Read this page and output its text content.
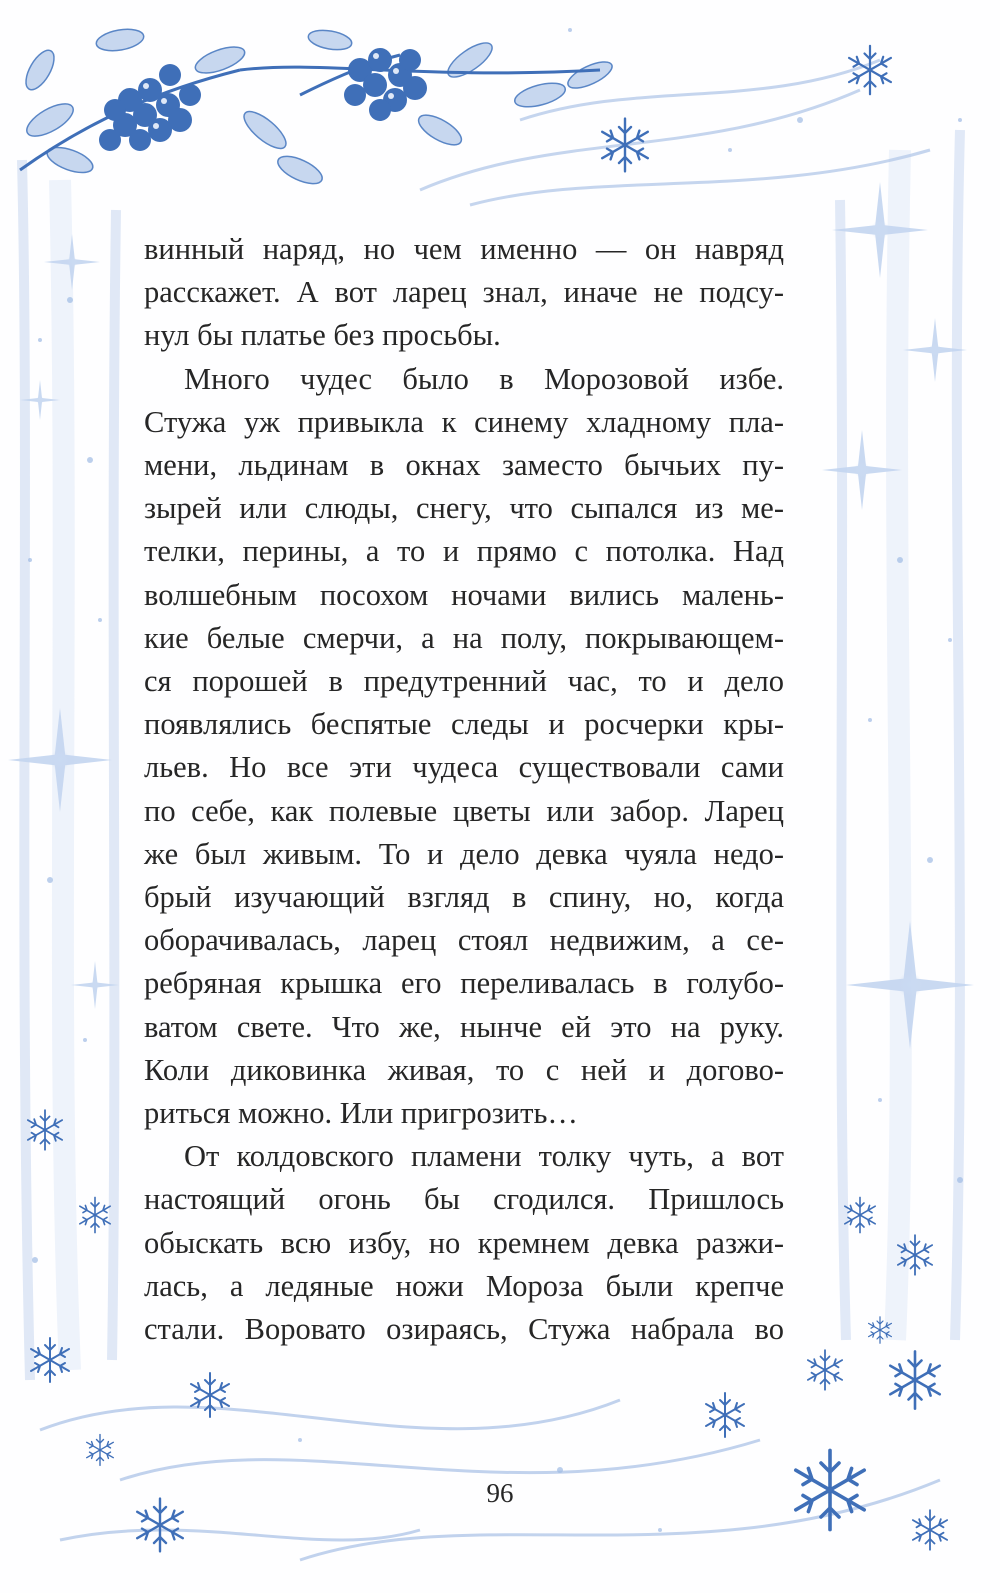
винный наряд, но чем именно — он навряд
расскажет. А вот ларец знал, иначе не подсу-
нул бы платье без просьбы.

Много чудес было в Морозовой избе.
Стужа уж привыкла к синему хладному пла-
мени, льдинам в окнах заместо бычьих пу-
зырей или слюды, снегу, что сыпался из ме-
телки, перины, а то и прямо с потолка. Над
волшебным посохом ночами вились малень-
кие белые смерчи, а на полу, покрывающем-
ся порошей в предутренний час, то и дело
появлялись беспятые следы и росчерки кры-
льев. Но все эти чудеса существовали сами
по себе, как полевые цветы или забор. Ларец
же был живым. То и дело девка чуяла недо-
брый изучающий взгляд в спину, но, когда
оборачивалась, ларец стоял недвижим, а се-
ребряная крышка его переливалась в голубо-
ватом свете. Что же, нынче ей это на руку.
Коли диковинка живая, то с ней и догово-
риться можно. Или пригрозить…

От колдовского пламени толку чуть, а вот
настоящий огонь бы сгодился. Пришлось
обыскать всю избу, но кремнем девка разжи-
лась, а ледяные ножи Мороза были крепче
стали. Воровато озираясь, Стужа набрала во

96
